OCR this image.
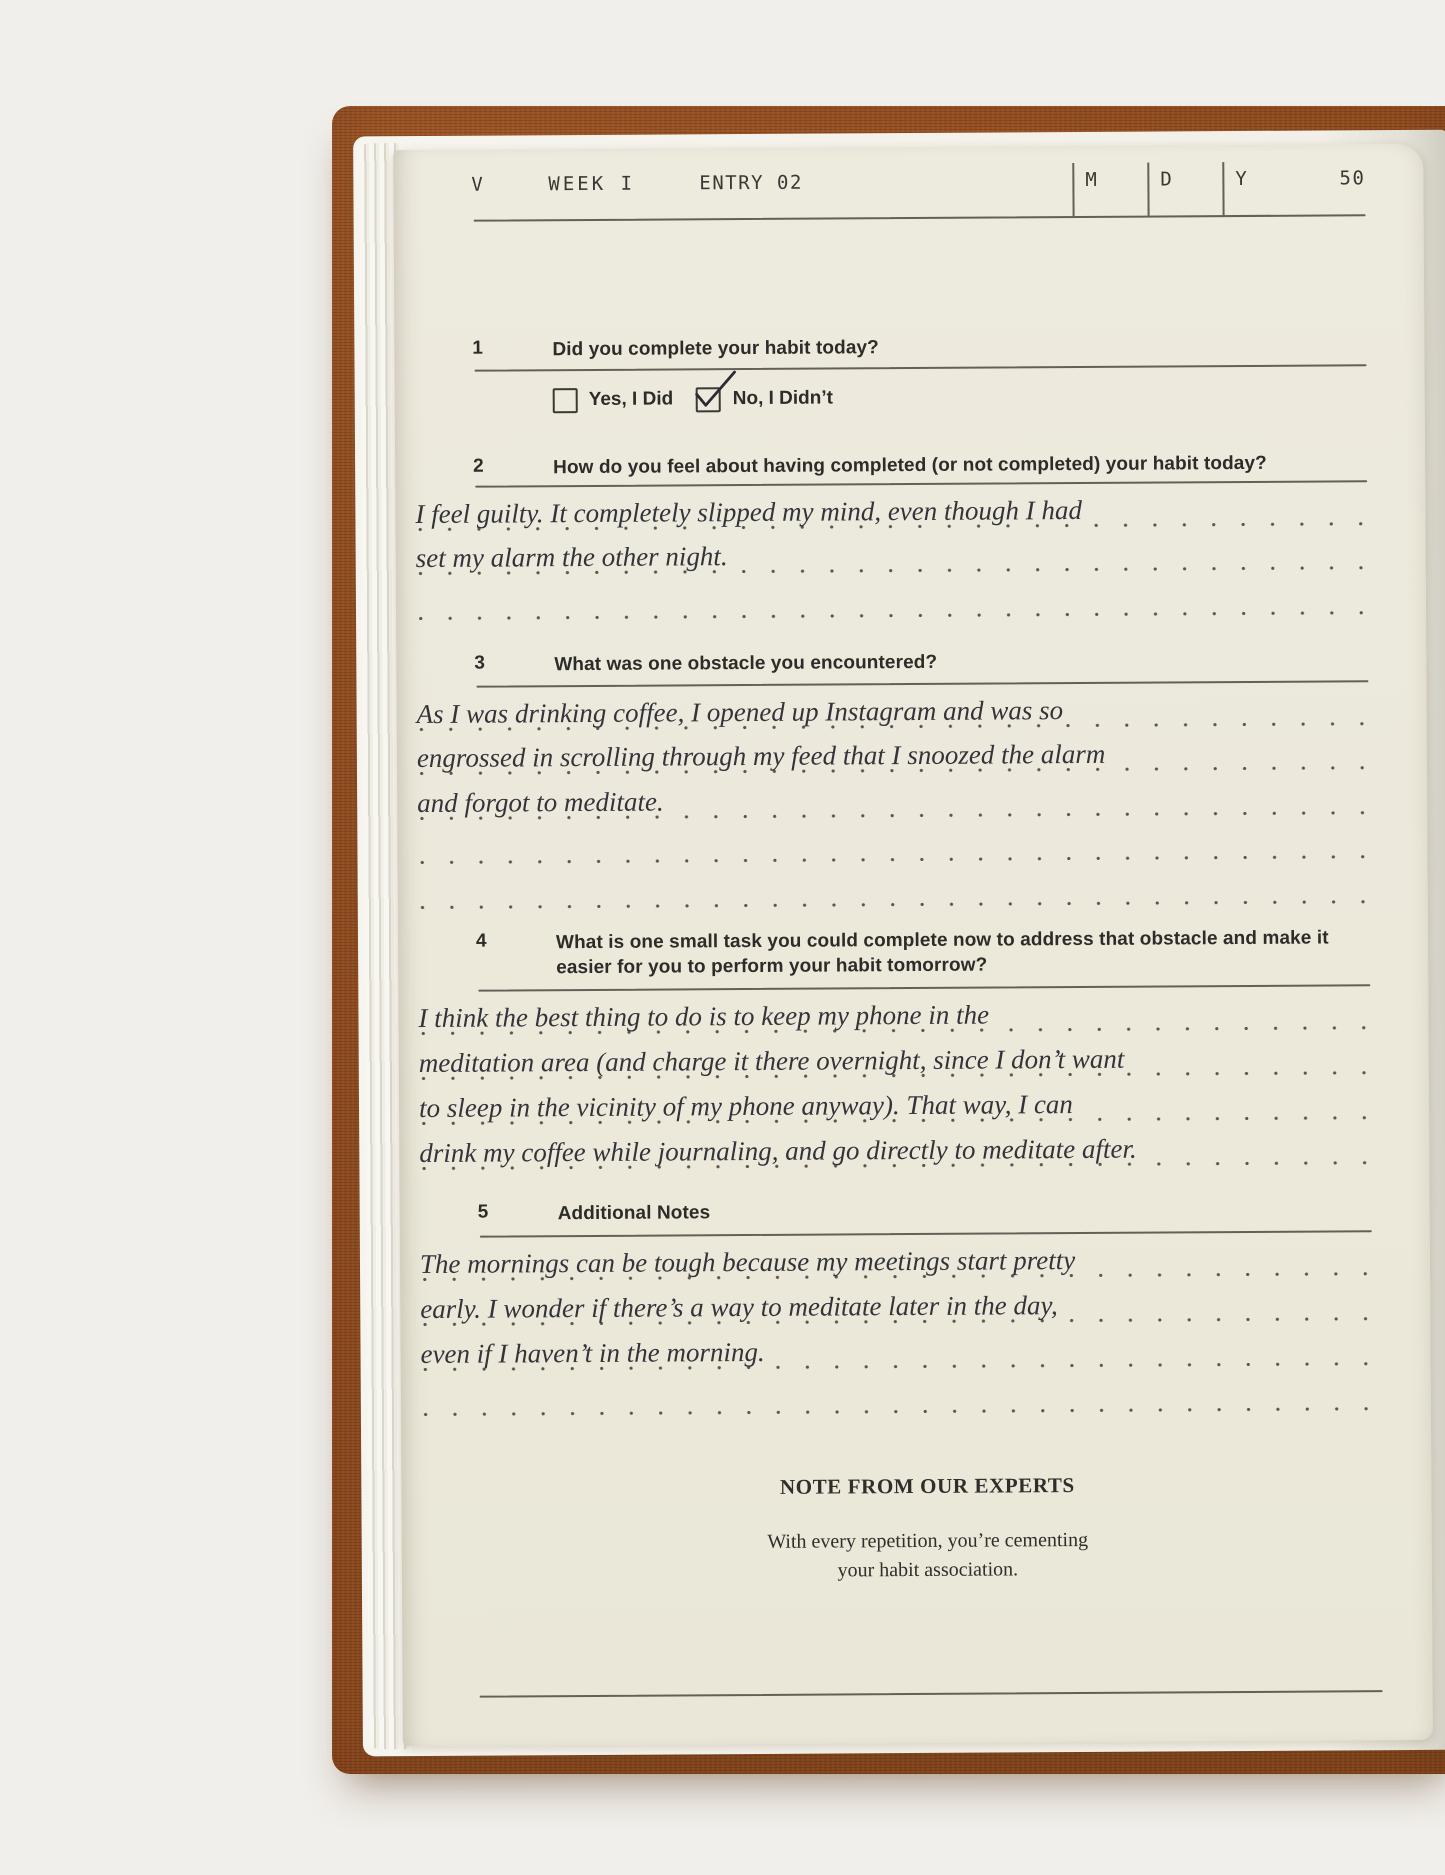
V	WEEK I	ENTRY 02	M	D	Y	50
1	Did you complete your habit today?
Yes, I Did	No, I Didn’t
2	How do you feel about having completed (or not completed) your habit today?
I feel guilty. It completely slipped my mind, even though I had
set my alarm the other night.
3	What was one obstacle you encountered?
As I was drinking coffee, I opened up Instagram and was so
engrossed in scrolling through my feed that I snoozed the alarm
and forgot to meditate.
4	What is one small task you could complete now to address that obstacle and make it easier for you to perform your habit tomorrow?
I think the best thing to do is to keep my phone in the
meditation area (and charge it there overnight, since I don’t want
to sleep in the vicinity of my phone anyway). That way, I can
drink my coffee while journaling, and go directly to meditate after.
5	Additional Notes
The mornings can be tough because my meetings start pretty
early. I wonder if there’s a way to meditate later in the day,
even if I haven’t in the morning.
NOTE FROM OUR EXPERTS
With every repetition, you’re cementing
your habit association.
